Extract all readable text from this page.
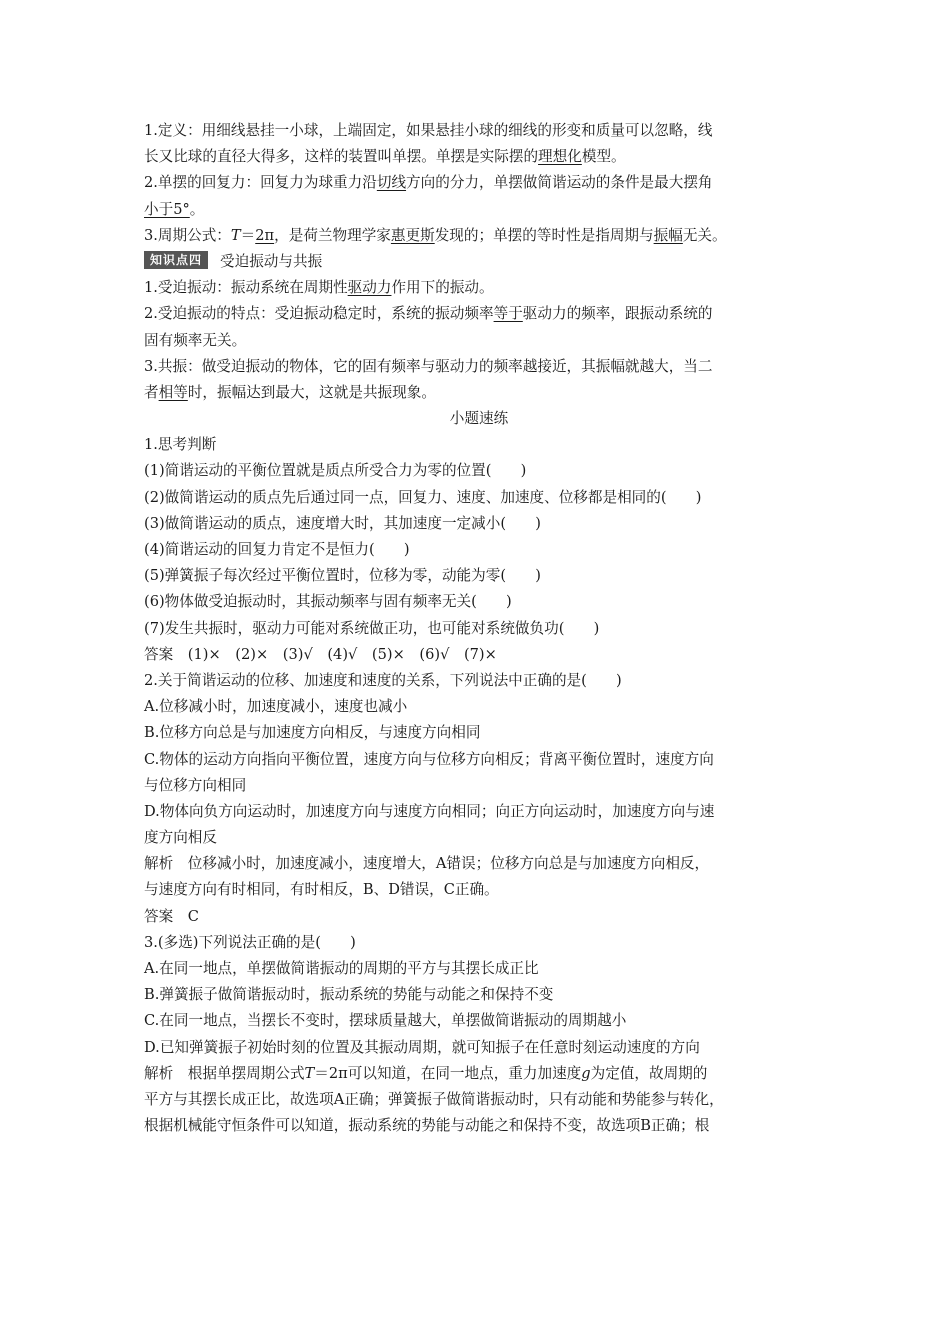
1.定义：用细线悬挂一小球，上端固定，如果悬挂小球的细线的形变和质量可以忽略，线
长又比球的直径大得多，这样的装置叫单摆。单摆是实际摆的理想化模型。
2.单摆的回复力：回复力为球重力沿切线方向的分力，单摆做简谐运动的条件是最大摆角
小于5°。
3.周期公式：T＝2π，是荷兰物理学家惠更斯发现的；单摆的等时性是指周期与振幅无关。
知识点四 受迫振动与共振
1.受迫振动：振动系统在周期性驱动力作用下的振动。
2.受迫振动的特点：受迫振动稳定时，系统的振动频率等于驱动力的频率，跟振动系统的
固有频率无关。
3.共振：做受迫振动的物体，它的固有频率与驱动力的频率越接近，其振幅就越大，当二
者相等时，振幅达到最大，这就是共振现象。
小题速练
1.思考判断
(1)简谐运动的平衡位置就是质点所受合力为零的位置(　　)
(2)做简谐运动的质点先后通过同一点，回复力、速度、加速度、位移都是相同的(　　)
(3)做简谐运动的质点，速度增大时，其加速度一定减小(　　)
(4)简谐运动的回复力肯定不是恒力(　　)
(5)弹簧振子每次经过平衡位置时，位移为零，动能为零(　　)
(6)物体做受迫振动时，其振动频率与固有频率无关(　　)
(7)发生共振时，驱动力可能对系统做正功，也可能对系统做负功(　　)
答案　(1)×　(2)×　(3)√　(4)√　(5)×　(6)√　(7)×
2.关于简谐运动的位移、加速度和速度的关系，下列说法中正确的是(　　)
A.位移减小时，加速度减小，速度也减小
B.位移方向总是与加速度方向相反，与速度方向相同
C.物体的运动方向指向平衡位置，速度方向与位移方向相反；背离平衡位置时，速度方向
与位移方向相同
D.物体向负方向运动时，加速度方向与速度方向相同；向正方向运动时，加速度方向与速
度方向相反
解析　位移减小时，加速度减小，速度增大，A错误；位移方向总是与加速度方向相反，
与速度方向有时相同，有时相反，B、D错误，C正确。
答案　C
3.(多选)下列说法正确的是(　　)
A.在同一地点，单摆做简谐振动的周期的平方与其摆长成正比
B.弹簧振子做简谐振动时，振动系统的势能与动能之和保持不变
C.在同一地点，当摆长不变时，摆球质量越大，单摆做简谐振动的周期越小
D.已知弹簧振子初始时刻的位置及其振动周期，就可知振子在任意时刻运动速度的方向
解析　根据单摆周期公式T＝2π可以知道，在同一地点，重力加速度g为定值，故周期的
平方与其摆长成正比，故选项A正确；弹簧振子做简谐振动时，只有动能和势能参与转化，
根据机械能守恒条件可以知道，振动系统的势能与动能之和保持不变，故选项B正确；根
